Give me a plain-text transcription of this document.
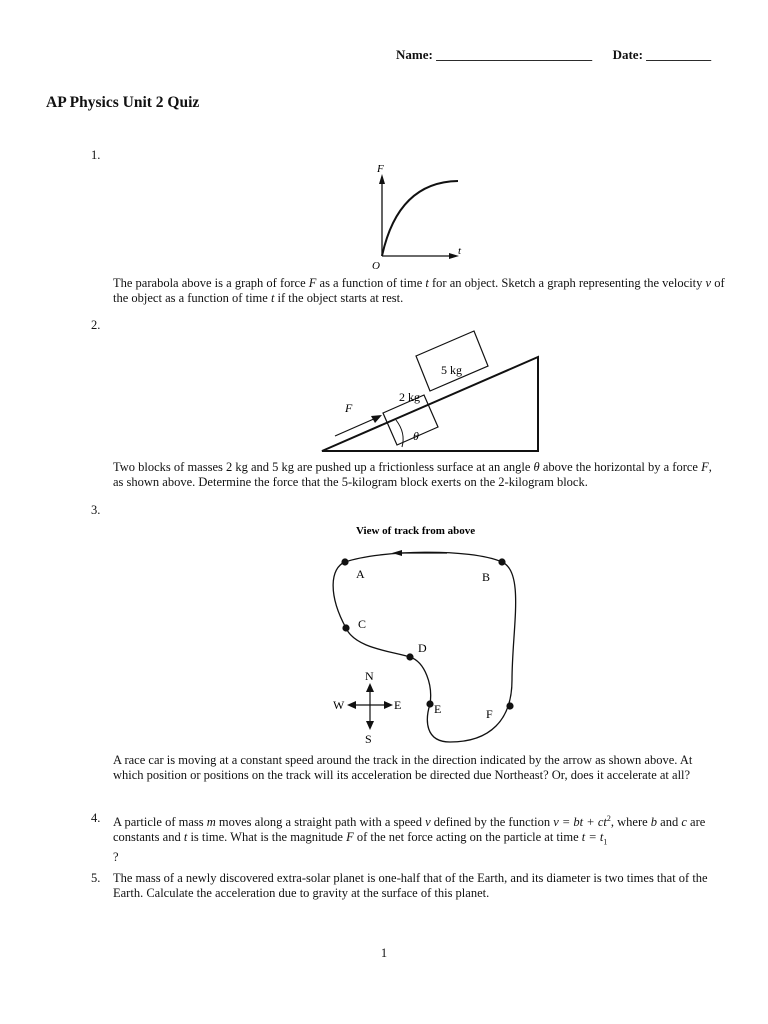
Name: ________________________ Date: __________
AP Physics Unit 2 Quiz
1.
F
t
O
The parabola above is a graph of force F as a function of time t for an object. Sketch a graph representing the velocity v of the object as a function of time t if the object starts at rest.
2.
2 kg
5 kg
F
θ
Two blocks of masses 2 kg and 5 kg are pushed up a frictionless surface at an angle θ above the horizontal by a force F, as shown above. Determine the force that the 5-kilogram block exerts on the 2-kilogram block.
3.
View of track from above
A	B
C
D
E	F
N
S
W	E
A race car is moving at a constant speed around the track in the direction indicated by the arrow as shown above. At which position or positions on the track will its acceleration be directed due Northeast? Or, does it accelerate at all?
4. A particle of mass m moves along a straight path with a speed v defined by the function v = bt + $ct^2$, where b and c are constants and t is time. What is the magnitude F of the net force acting on the particle at time $t = t_1$
?
5. The mass of a newly discovered extra-solar planet is one-half that of the Earth, and its diameter is two times that of the Earth. Calculate the acceleration due to gravity at the surface of this planet.
1
